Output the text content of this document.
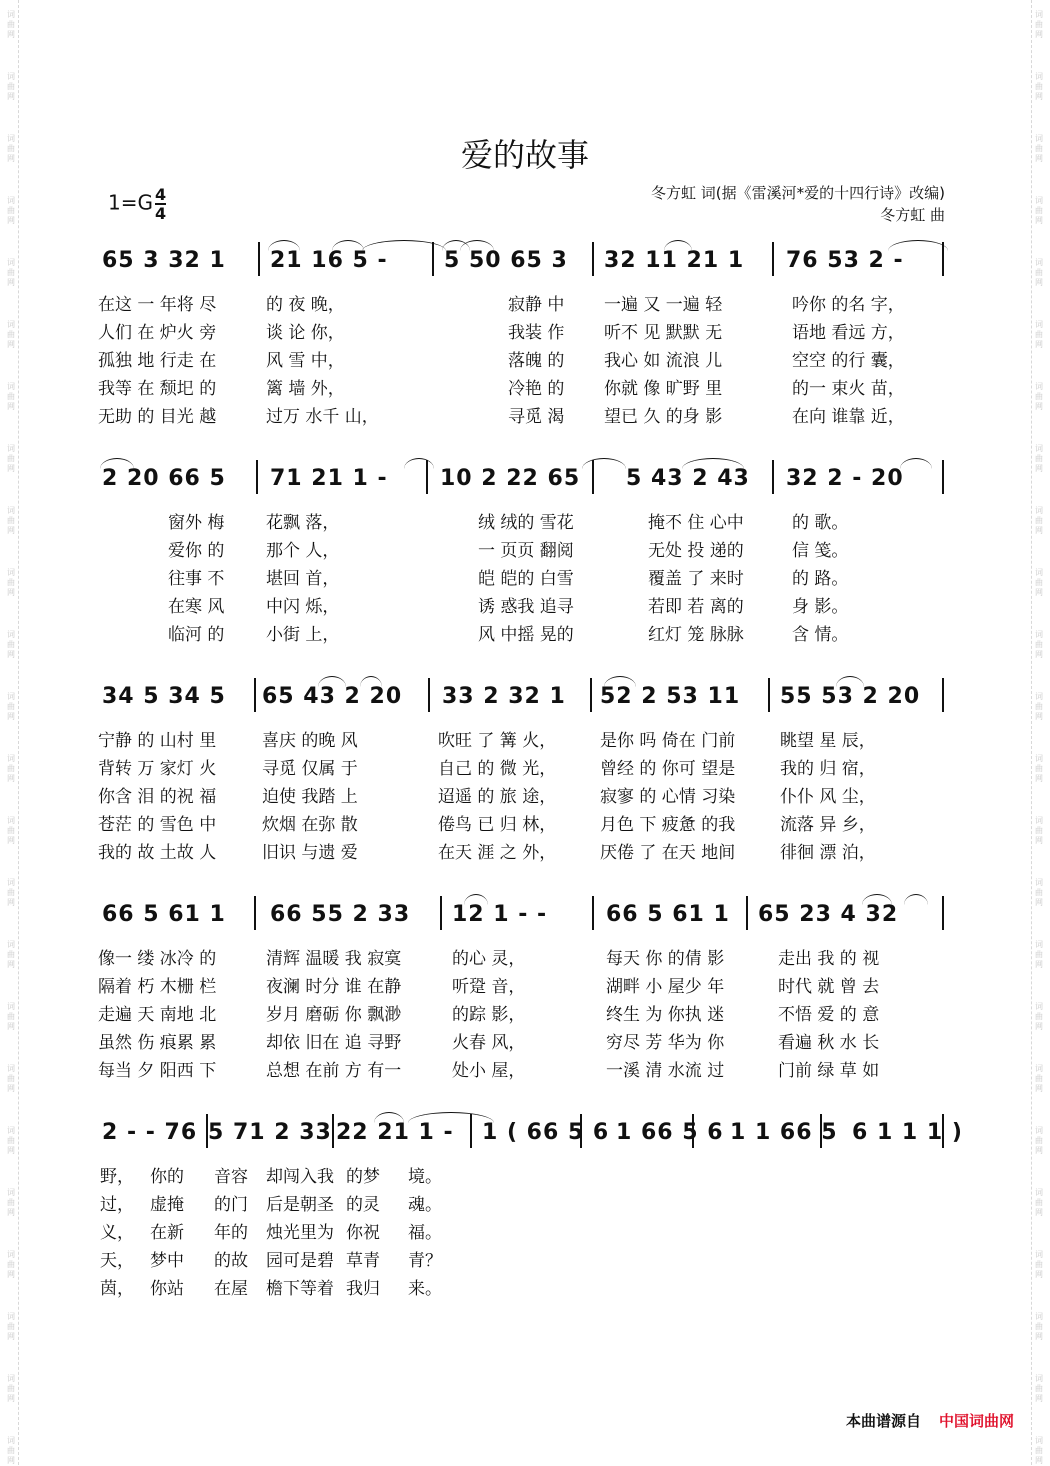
词曲网
词曲网
词曲网
词曲网
词曲网
词曲网
词曲网
词曲网
词曲网
词曲网
词曲网
词曲网
词曲网
词曲网
词曲网
词曲网
词曲网
词曲网
词曲网
词曲网
词曲网
词曲网
词曲网
词曲网
词曲网
词曲网
词曲网
词曲网
词曲网
词曲网
词曲网
词曲网
词曲网
词曲网
词曲网
词曲网
词曲网
词曲网
词曲网
词曲网
词曲网
词曲网
词曲网
词曲网
词曲网
词曲网
词曲网
词曲网
爱的故事
$1=G \frac{4}{4}$	冬方虹 词(据《雷溪河*爱的十四行诗》改编)
冬方虹 曲
65 3 32 1 21 16 5 -	5 50 65 3 32 11 21 1 76 53 2 -
在这 一 年将 尽	的 夜 晚，	寂静 中 一遍 又 一遍 轻	吟你 的名 字，
人们 在 炉火 旁	谈 论 你，	我装 作 听不 见 默默 无	语地 看远 方，
孤独 地 行走 在	风 雪 中，	落魄 的 我心 如 流浪 儿	空空 的行 囊，
我等 在 颓圯 的	篱 墙 外，	冷艳 的 你就 像 旷野 里	的一 束火 苗，
无助 的 目光 越	过万 水千 山，	寻觅 渴 望已 久 的身 影	在向 谁靠 近，
2 20 66 5 71 21 1 - 10 2 22 65 5 43 2 43 32 2 - 20
窗外 梅 花飘 落，	绒 绒的 雪花	掩不 住 心中	的 歌。
爱你 的 那个 人，	一 页页 翻阅	无处 投 递的	信 笺。
往事 不 堪回 首，	皑 皑的 白雪	覆盖 了 来时	的 路。
在寒 风 中闪 烁，	诱 惑我 追寻	若即 若 离的	身 影。
临河 的 小街 上，	风 中摇 晃的	红灯 笼 脉脉	含 情。
34 5 34 5 65 43 2 20 33 2 32 1 52 2 53 11 55 53 2 20
宁静 的 山村 里	喜庆 的晚 风	吹旺 了 篝 火，	是你 吗 倚在 门前	眺望 星 辰，
背转 万 家灯 火	寻觅 仅属 于	自己 的 微 光，	曾经 的 你可 望是	我的 归 宿，
你含 泪 的祝 福	迫使 我踏 上	迢遥 的 旅 途，	寂寥 的 心情 习染	仆仆 风 尘，
苍茫 的 雪色 中	炊烟 在弥 散	倦鸟 已 归 林，	月色 下 疲惫 的我	流落 异 乡，
我的 故 土故 人	旧识 与遗 爱	在天 涯 之 外，	厌倦 了 在天 地间	徘徊 漂 泊，
66 5 61 1 66 55 2 33 12 1 - -	66 5 61 1 65 23 4 32
像一 缕 冰冷 的	清辉 温暖 我 寂寞	的心 灵，	每天 你 的倩 影	走出 我 的 视
隔着 朽 木栅 栏	夜澜 时分 谁 在静	听跫 音，	湖畔 小 屋少 年	时代 就 曾 去
走遍 天 南地 北	岁月 磨砺 你 飘渺	的踪 影，	终生 为 你执 迷	不悟 爱 的 意
虽然 伤 痕累 累	却依 旧在 追 寻野	火春 风，	穷尽 芳 华为 你	看遍 秋 水 长
每当 夕 阳西 下	总想 在前 方 有一	处小 屋，	一溪 清 水流 过	门前 绿 草 如
2 - - 76 5 71 2 33 22 21 1 - 1 ( 66 5 6 1 66 5 6 1 1 66 5 6 1 1 1 )
野， 你的 音容 却闯入我 的梦 境。
过， 虚掩 的门 后是朝圣 的灵 魂。
义， 在新 年的 烛光里为 你祝 福。
天， 梦中 的故 园可是碧 草青 青？
茵， 你站 在屋 檐下等着 我归 来。
本曲谱源自 中国词曲网
